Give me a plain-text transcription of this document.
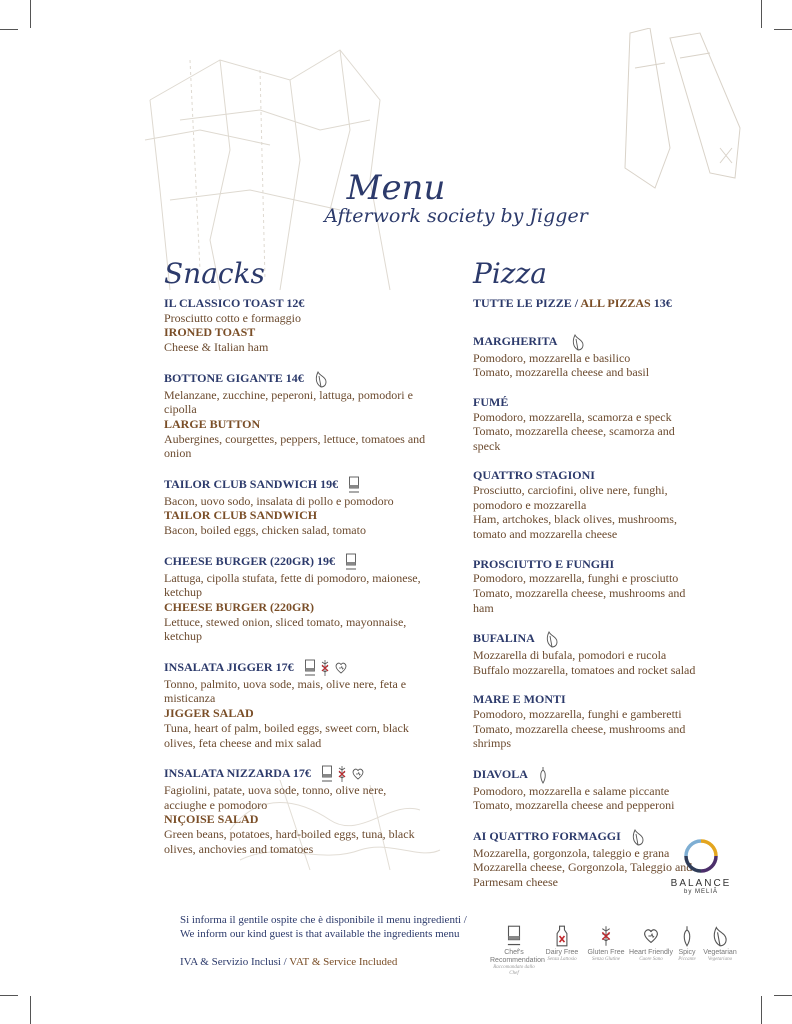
Menu
Afterwork society by Jigger
Snacks	Pizza
IL CLASSICO TOAST 12€
Prosciutto cotto e formaggio
IRONED TOAST
Cheese & Italian ham
BOTTONE GIGANTE 14€
Melanzane, zucchine, peperoni, lattuga, pomodori e cipolla
LARGE BUTTON
Aubergines, courgettes, peppers, lettuce, tomatoes and onion
TAILOR CLUB SANDWICH 19€
Bacon, uovo sodo, insalata di pollo e pomodoro
TAILOR CLUB SANDWICH
Bacon, boiled eggs, chicken salad, tomato
CHEESE BURGER (220GR) 19€
Lattuga, cipolla stufata, fette di pomodoro, maionese, ketchup
CHEESE BURGER (220GR)
Lettuce, stewed onion, sliced tomato, mayonnaise, ketchup
INSALATA JIGGER 17€
Tonno, palmito, uova sode, mais, olive nere, feta e misticanza
JIGGER SALAD
Tuna, heart of palm, boiled eggs, sweet corn, black olives, feta cheese and mix salad
INSALATA NIZZARDA 17€
Fagiolini, patate, uova sode, tonno, olive nere, acciughe e pomodoro
NIÇOISE SALAD
Green beans, potatoes, hard-boiled eggs, tuna, black olives, anchovies and tomatoes
TUTTE LE PIZZE / ALL PIZZAS 13€
MARGHERITA
Pomodoro, mozzarella e basilico
Tomato, mozzarella cheese and basil
FUMÉ
Pomodoro, mozzarella, scamorza e speck
Tomato, mozzarella cheese, scamorza and speck
QUATTRO STAGIONI
Prosciutto, carciofini, olive nere, funghi, pomodoro e mozzarella
Ham, artchokes, black olives, mushrooms, tomato and mozzarella cheese
PROSCIUTTO E FUNGHI
Pomodoro, mozzarella, funghi e prosciutto
Tomato, mozzarella cheese, mushrooms and ham
BUFALINA
Mozzarella di bufala, pomodori e rucola
Buffalo mozzarella, tomatoes and rocket salad
MARE E MONTI
Pomodoro, mozzarella, funghi e gamberetti
Tomato, mozzarella cheese, mushrooms and shrimps
DIAVOLA
Pomodoro, mozzarella e salame piccante
Tomato, mozzarella cheese and pepperoni
AI QUATTRO FORMAGGI
Mozzarella, gorgonzola, taleggio e grana
Mozzarella cheese, Gorgonzola, Taleggio and Parmesam cheese	BALANCE
by MELIÃ
Si informa il gentile ospite che è disponibile il menu ingredienti /
We inform our kind guest is that available the ingredients menu
IVA & Servizio Inclusi / VAT & Service Included
Chef's Recommendation
Raccomandato dallo Chef
Dairy Free
Senza Lattosio
Gluten Free
Senza Glutine
Heart Friendly
Cuore Sano
Spicy
Piccante
Vegetarian
Vegetariano
